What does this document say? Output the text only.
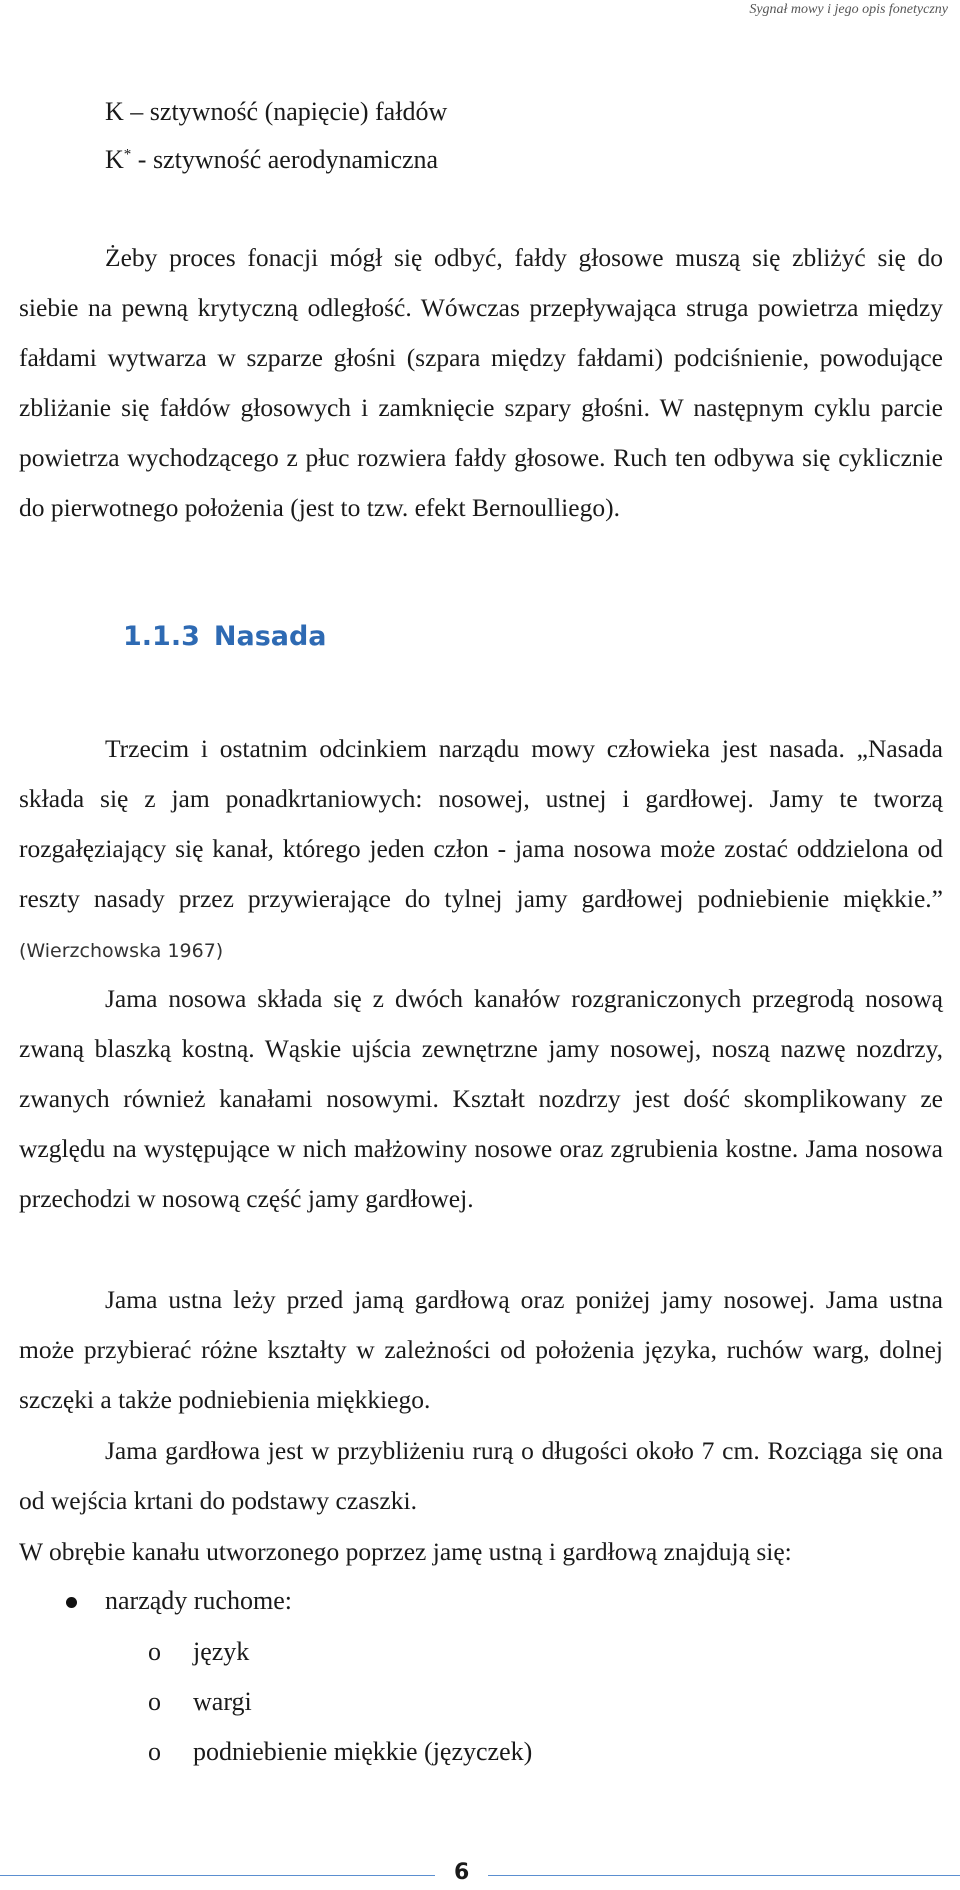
Sygnał mowy i jego opis fonetyczny
K – sztywność (napięcie) fałdów
K* - sztywność aerodynamiczna

Żeby proces fonacji mógł się odbyć, fałdy głosowe muszą się zbliżyć się do siebie na pewną krytyczną odległość. Wówczas przepływająca struga powietrza między fałdami wytwarza w szparze głośni (szpara między fałdami) podciśnienie, powodujące zbliżanie się fałdów głosowych i zamknięcie szpary głośni. W następnym cyklu parcie powietrza wychodzącego z płuc rozwiera fałdy głosowe. Ruch ten odbywa się cyklicznie do pierwotnego położenia (jest to tzw. efekt Bernoulliego).

1.1.3 Nasada

Trzecim i ostatnim odcinkiem narządu mowy człowieka jest nasada. „Nasada składa się z jam ponadkrtaniowych: nosowej, ustnej i gardłowej. Jamy te tworzą rozgałęziający się kanał, którego jeden człon - jama nosowa może zostać oddzielona od reszty nasady przez przywierające do tylnej jamy gardłowej podniebienie miękkie.” (Wierzchowska 1967)

Jama nosowa składa się z dwóch kanałów rozgraniczonych przegrodą nosową zwaną blaszką kostną. Wąskie ujścia zewnętrzne jamy nosowej, noszą nazwę nozdrzy, zwanych również kanałami nosowymi. Kształt nozdrzy jest dość skomplikowany ze względu na występujące w nich małżowiny nosowe oraz zgrubienia kostne. Jama nosowa przechodzi w nosową część jamy gardłowej.

Jama ustna leży przed jamą gardłową oraz poniżej jamy nosowej. Jama ustna może przybierać różne kształty w zależności od położenia języka, ruchów warg, dolnej szczęki a także podniebienia miękkiego.

Jama gardłowa jest w przybliżeniu rurą o długości około 7 cm. Rozciąga się ona od wejścia krtani do podstawy czaszki.

W obrębie kanału utworzonego poprzez jamę ustną i gardłową znajdują się:

narządy ruchome:
o język
o wargi
o podniebienie miękkie (języczek)
6
